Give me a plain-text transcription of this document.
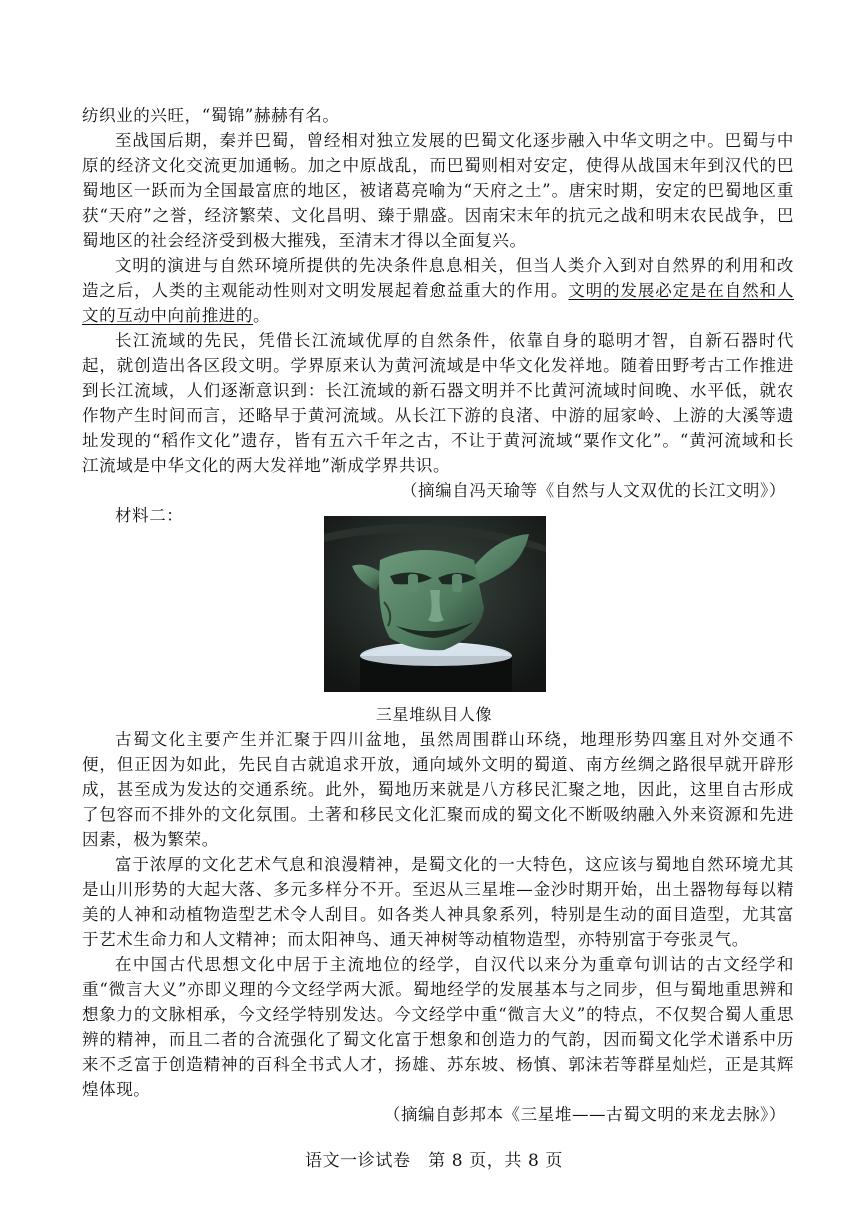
纺织业的兴旺，“蜀锦”赫赫有名。

至战国后期，秦并巴蜀，曾经相对独立发展的巴蜀文化逐步融入中华文明之中。巴蜀与中原的经济文化交流更加通畅。加之中原战乱，而巴蜀则相对安定，使得从战国末年到汉代的巴蜀地区一跃而为全国最富庶的地区，被诸葛亮喻为“天府之土”。唐宋时期，安定的巴蜀地区重获“天府”之誉，经济繁荣、文化昌明、臻于鼎盛。因南宋末年的抗元之战和明末农民战争，巴蜀地区的社会经济受到极大摧残，至清末才得以全面复兴。

文明的演进与自然环境所提供的先决条件息息相关，但当人类介入到对自然界的利用和改造之后，人类的主观能动性则对文明发展起着愈益重大的作用。文明的发展必定是在自然和人文的互动中向前推进的。

长江流域的先民，凭借长江流域优厚的自然条件，依靠自身的聪明才智，自新石器时代起，就创造出各区段文明。学界原来认为黄河流域是中华文化发祥地。随着田野考古工作推进到长江流域，人们逐渐意识到：长江流域的新石器文明并不比黄河流域时间晚、水平低，就农作物产生时间而言，还略早于黄河流域。从长江下游的良渚、中游的屈家岭、上游的大溪等遗址发现的“稻作文化”遗存，皆有五六千年之古，不让于黄河流域“粟作文化”。“黄河流域和长江流域是中华文化的两大发祥地”渐成学界共识。

（摘编自冯天瑜等《自然与人文双优的长江文明》）

材料二：

三星堆纵目人像

古蜀文化主要产生并汇聚于四川盆地，虽然周围群山环绕，地理形势四塞且对外交通不便，但正因为如此，先民自古就追求开放，通向域外文明的蜀道、南方丝绸之路很早就开辟形成，甚至成为发达的交通系统。此外，蜀地历来就是八方移民汇聚之地，因此，这里自古形成了包容而不排外的文化氛围。土著和移民文化汇聚而成的蜀文化不断吸纳融入外来资源和先进因素，极为繁荣。

富于浓厚的文化艺术气息和浪漫精神，是蜀文化的一大特色，这应该与蜀地自然环境尤其是山川形势的大起大落、多元多样分不开。至迟从三星堆—金沙时期开始，出土器物每每以精美的人神和动植物造型艺术令人刮目。如各类人神具象系列，特别是生动的面目造型，尤其富于艺术生命力和人文精神；而太阳神鸟、通天神树等动植物造型，亦特别富于夸张灵气。

在中国古代思想文化中居于主流地位的经学，自汉代以来分为重章句训诂的古文经学和重“微言大义”亦即义理的今文经学两大派。蜀地经学的发展基本与之同步，但与蜀地重思辨和想象力的文脉相承，今文经学特别发达。今文经学中重“微言大义”的特点，不仅契合蜀人重思辨的精神，而且二者的合流强化了蜀文化富于想象和创造力的气韵，因而蜀文化学术谱系中历来不乏富于创造精神的百科全书式人才，扬雄、苏东坡、杨慎、郭沫若等群星灿烂，正是其辉煌体现。

（摘编自彭邦本《三星堆——古蜀文明的来龙去脉》）

语文一诊试卷　第 8 页，共 8 页
